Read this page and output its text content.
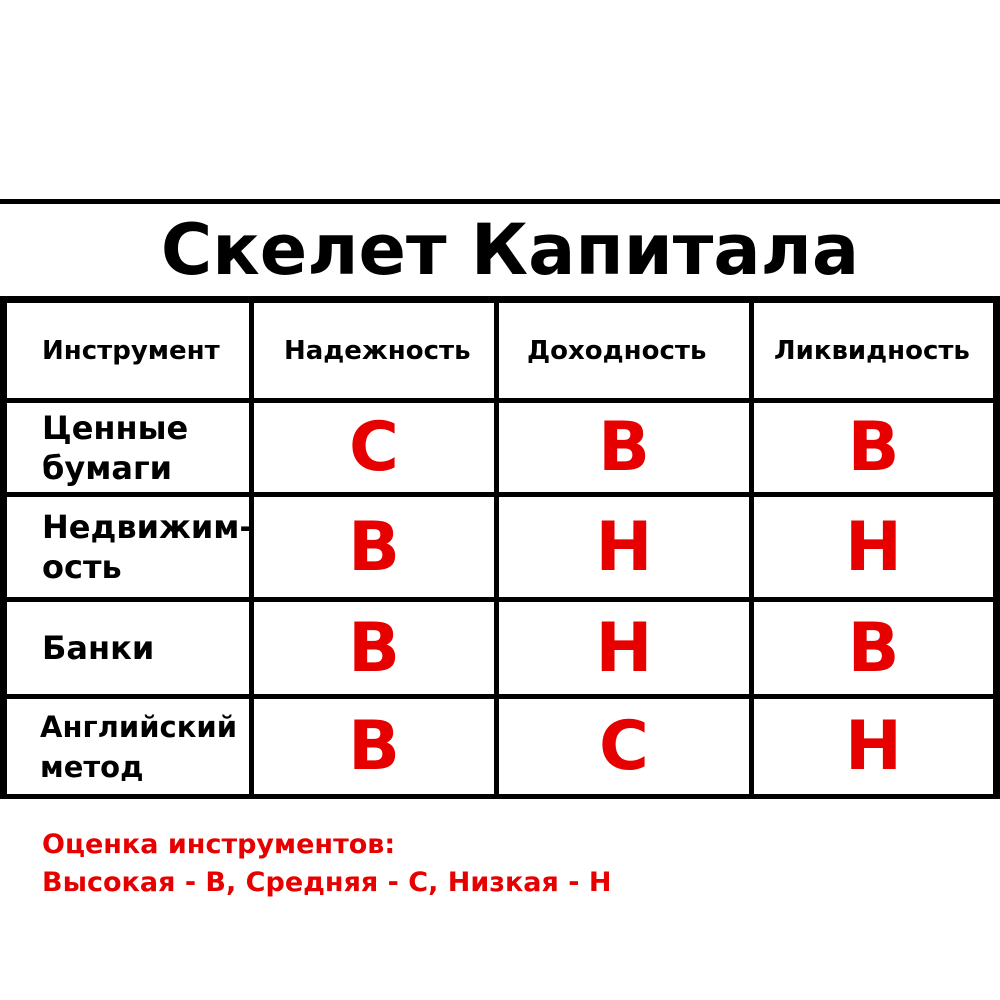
Скелет Капитала
Инструмент	Надежность	Доходность	Ликвидность
Ценные
бумаги	С	В	В
Недвижим-
ость	В	Н	Н
Банки	В	Н	В
Английский
метод	В	С	Н
Оценка инструментов:
Высокая - В, Средняя - С, Низкая - Н
